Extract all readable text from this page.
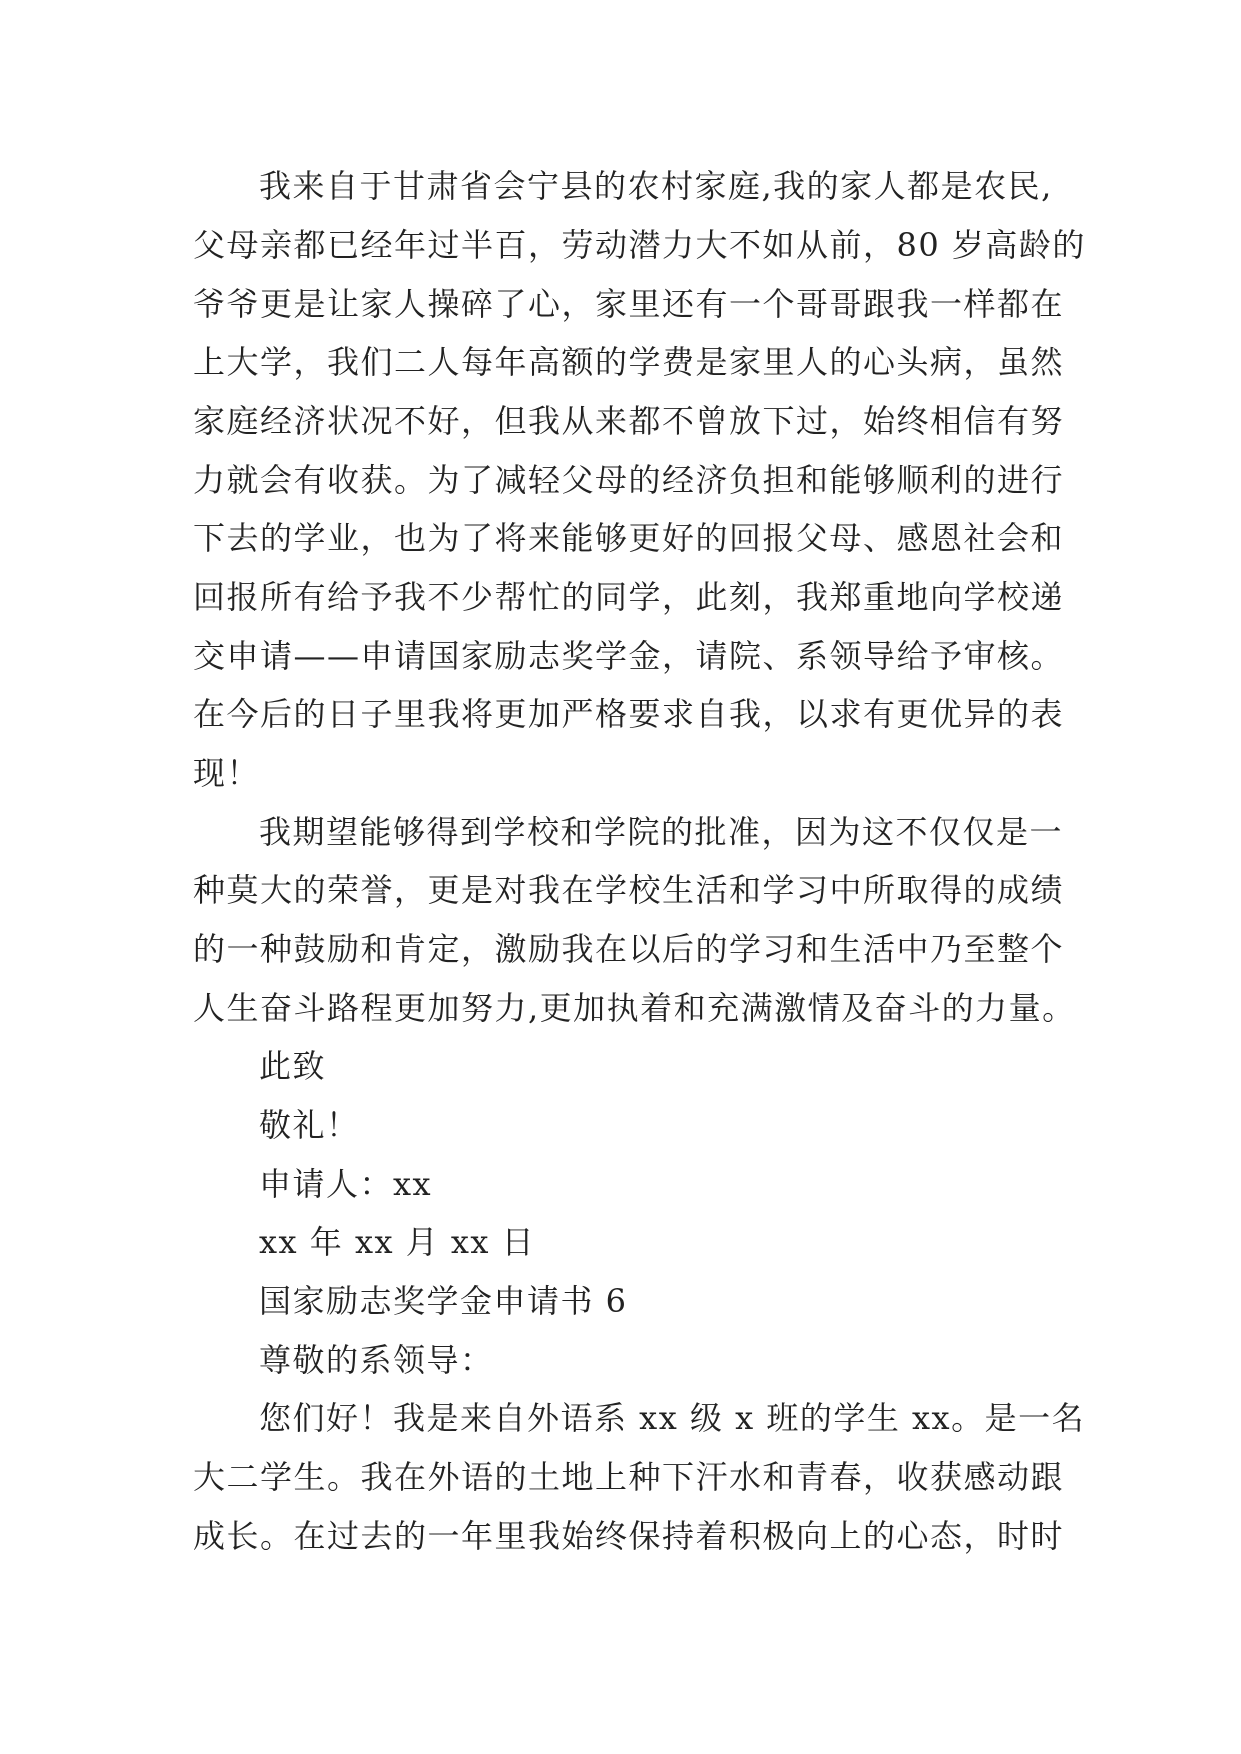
我来自于甘肃省会宁县的农村家庭,我的家人都是农民,
父母亲都已经年过半百，劳动潜力大不如从前，80 岁高龄的
爷爷更是让家人操碎了心，家里还有一个哥哥跟我一样都在
上大学，我们二人每年高额的学费是家里人的心头病，虽然
家庭经济状况不好，但我从来都不曾放下过，始终相信有努
力就会有收获。为了减轻父母的经济负担和能够顺利的进行
下去的学业，也为了将来能够更好的回报父母、感恩社会和
回报所有给予我不少帮忙的同学，此刻，我郑重地向学校递
交申请——申请国家励志奖学金，请院、系领导给予审核。
在今后的日子里我将更加严格要求自我，以求有更优异的表
现！
我期望能够得到学校和学院的批准，因为这不仅仅是一
种莫大的荣誉，更是对我在学校生活和学习中所取得的成绩
的一种鼓励和肯定，激励我在以后的学习和生活中乃至整个
人生奋斗路程更加努力,更加执着和充满激情及奋斗的力量。
此致
敬礼！
申请人：xx
xx 年 xx 月 xx 日
国家励志奖学金申请书 6
尊敬的系领导：
您们好！我是来自外语系 xx 级 x 班的学生 xx。是一名
大二学生。我在外语的土地上种下汗水和青春，收获感动跟
成长。在过去的一年里我始终保持着积极向上的心态，时时
